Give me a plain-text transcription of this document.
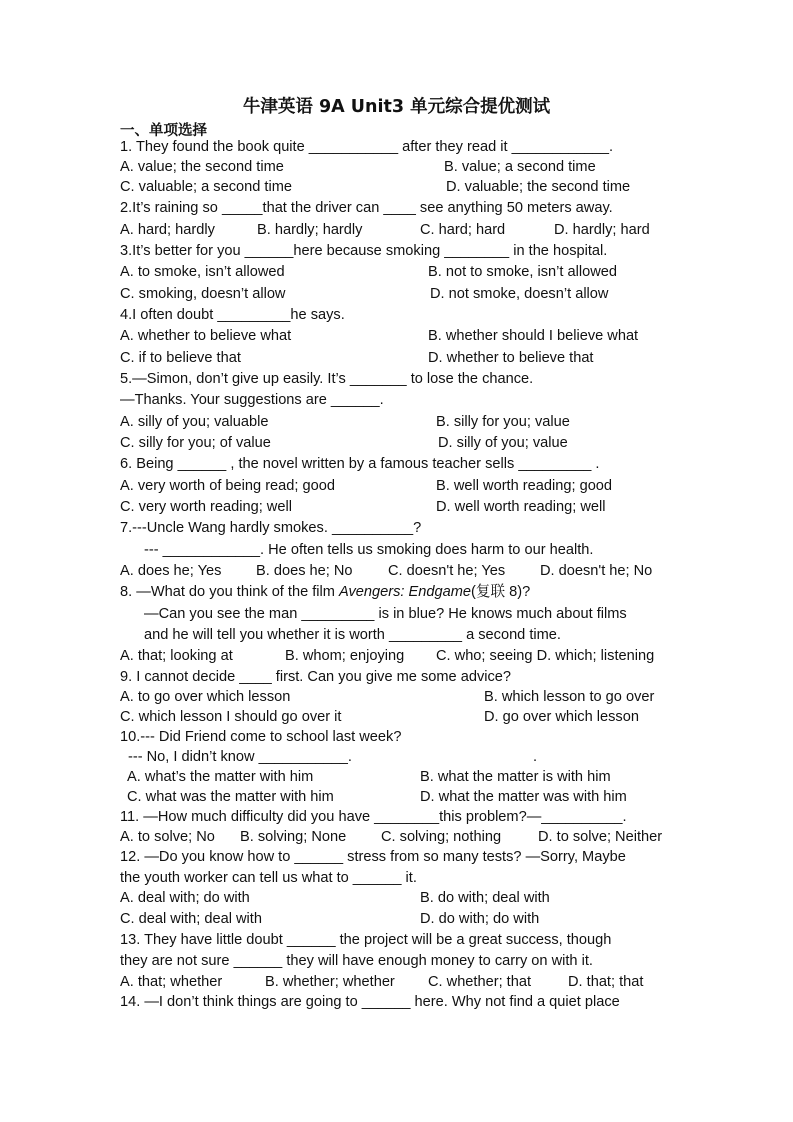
牛津英语 9A Unit3 单元综合提优测试
一、单项选择
1. They found the book quite ___________ after they read it ____________.
A. value; the second time	B. value; a second time
C. valuable; a second time	D. valuable; the second time
2.It’s raining so _____that the driver can ____ see anything 50 meters away.
A. hard; hardly	B. hardly; hardly	C. hard; hard	D. hardly; hard
3.It’s better for you ______here because smoking ________ in the hospital.
A. to smoke, isn’t allowed	B. not to smoke, isn’t allowed
C. smoking, doesn’t allow	D. not smoke, doesn’t allow
4.I often doubt _________he says.
A. whether to believe what	B. whether should I believe what
C. if to believe that	D. whether to believe that
5.—Simon, don’t give up easily. It’s _______ to lose the chance.
—Thanks. Your suggestions are ______.
A. silly of you; valuable	B. silly for you; value
C. silly for you; of value	D. silly of you; value
6. Being ______ , the novel written by a famous teacher sells _________ .
A. very worth of being read; good	B. well worth reading; good
C. very worth reading; well	D. well worth reading; well
7.---Uncle Wang hardly smokes. __________?
--- ____________. He often tells us smoking does harm to our health.
A. does he; Yes B. does he; No C. doesn't he; Yes D. doesn't he; No
8. —What do you think of the film Avengers: Endgame(复联 8)?
—Can you see the man _________ is in blue? He knows much about films
and he will tell you whether it is worth _________ a second time.
A. that; looking at	B. whom; enjoying C. who; seeing D. which; listening
9. I cannot decide ____ first. Can you give me some advice?
A. to go over which lesson	B. which lesson to go over
C. which lesson I should go over it	D. go over which lesson
10.--- Did Friend come to school last week?
--- No, I didn’t know ___________.	.
A. what’s the matter with him	B. what the matter is with him
C. what was the matter with him	D. what the matter was with him
11. —How much difficulty did you have ________this problem?—__________.
A. to solve; No B. solving; None C. solving; nothing	D. to solve; Neither
12. —Do you know how to ______ stress from so many tests? —Sorry, Maybe
the youth worker can tell us what to ______ it.
A. deal with; do with	B. do with; deal with
C. deal with; deal with	D. do with; do with
13. They have little doubt ______ the project will be a great success, though
they are not sure ______ they will have enough money to carry on with it.
A. that; whether	B. whether; whether C. whether; that	D. that; that
14. —I don’t think things are going to ______ here. Why not find a quiet place
